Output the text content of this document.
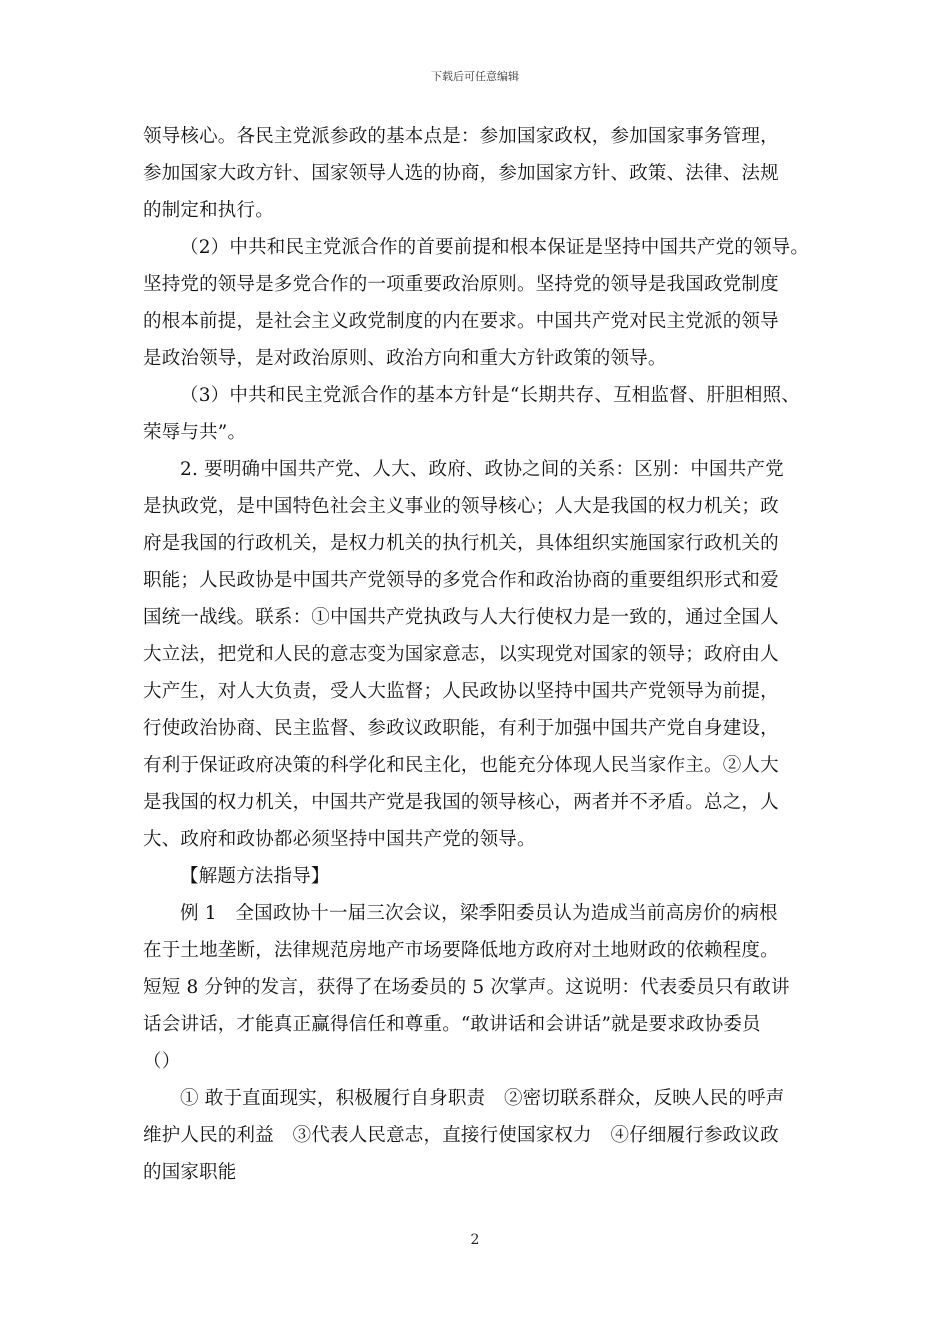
下载后可任意编辑
领导核心。各民主党派参政的基本点是：参加国家政权，参加国家事务管理，
参加国家大政方针、国家领导人选的协商，参加国家方针、政策、法律、法规
的制定和执行。
（2）中共和民主党派合作的首要前提和根本保证是坚持中国共产党的领导。
坚持党的领导是多党合作的一项重要政治原则。坚持党的领导是我国政党制度
的根本前提，是社会主义政党制度的内在要求。中国共产党对民主党派的领导
是政治领导，是对政治原则、政治方向和重大方针政策的领导。
（3）中共和民主党派合作的基本方针是“长期共存、互相监督、肝胆相照、
荣辱与共”。
2. 要明确中国共产党、人大、政府、政协之间的关系：区别：中国共产党
是执政党，是中国特色社会主义事业的领导核心；人大是我国的权力机关；政
府是我国的行政机关，是权力机关的执行机关，具体组织实施国家行政机关的
职能；人民政协是中国共产党领导的多党合作和政治协商的重要组织形式和爱
国统一战线。联系：①中国共产党执政与人大行使权力是一致的，通过全国人
大立法，把党和人民的意志变为国家意志，以实现党对国家的领导；政府由人
大产生，对人大负责，受人大监督；人民政协以坚持中国共产党领导为前提，
行使政治协商、民主监督、参政议政职能，有利于加强中国共产党自身建设，
有利于保证政府决策的科学化和民主化，也能充分体现人民当家作主。②人大
是我国的权力机关，中国共产党是我国的领导核心，两者并不矛盾。总之，人
大、政府和政协都必须坚持中国共产党的领导。
【解题方法指导】
例 1　全国政协十一届三次会议，梁季阳委员认为造成当前高房价的病根
在于土地垄断，法律规范房地产市场要降低地方政府对土地财政的依赖程度。
短短 8 分钟的发言，获得了在场委员的 5 次掌声。这说明：代表委员只有敢讲
话会讲话，才能真正赢得信任和尊重。“敢讲话和会讲话”就是要求政协委员
（）
① 敢于直面现实，积极履行自身职责　②密切联系群众，反映人民的呼声
维护人民的利益　③代表人民意志，直接行使国家权力　④仔细履行参政议政
的国家职能
2
